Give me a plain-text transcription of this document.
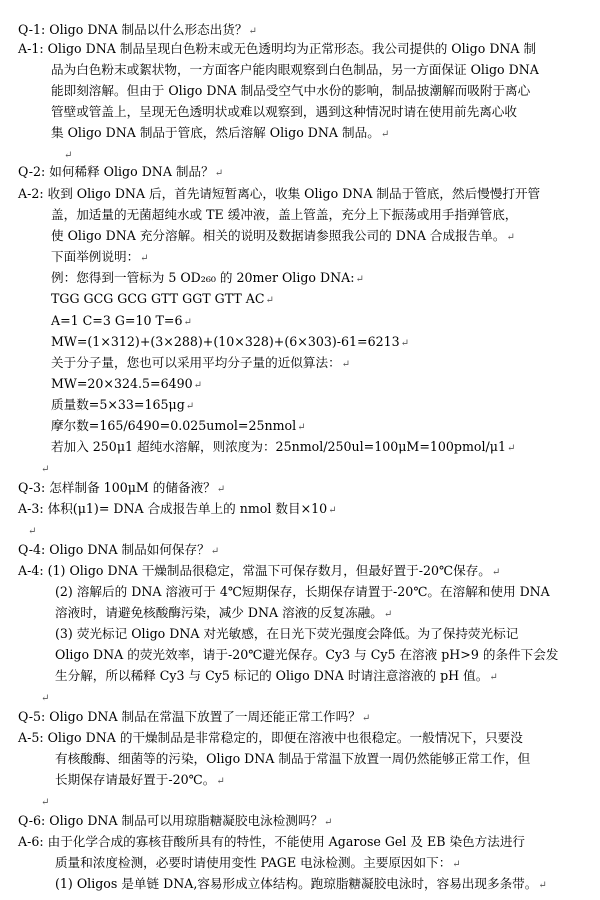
Q-1: Oligo DNA 制品以什么形态出货？↵
A-1: Oligo DNA 制品呈现白色粉末或无色透明均为正常形态。我公司提供的 Oligo DNA 制
品为白色粉末或絮状物，一方面客户能肉眼观察到白色制品，另一方面保证 Oligo DNA
能即刻溶解。但由于 Oligo DNA 制品受空气中水份的影响，制品披潮解而吸附于离心
管壁或管盖上，呈现无色透明状或难以观察到，遇到这种情况时请在使用前先离心收
集 Oligo DNA 制品于管底，然后溶解 Oligo DNA 制品。↵
↵
Q-2: 如何稀释 Oligo DNA 制品？↵
A-2: 收到 Oligo DNA 后，首先请短暂离心，收集 Oligo DNA 制品于管底，然后慢慢打开管
盖，加适量的无菌超纯水或 TE 缓冲液，盖上管盖，充分上下振荡或用手指弹管底，
使 Oligo DNA 充分溶解。相关的说明及数据请参照我公司的 DNA 合成报告单。↵
下面举例说明：↵
例：您得到一管标为 5 OD₂₆₀ 的 20mer Oligo DNA:↵
TGG GCG GCG GTT GGT GTT AC↵
A=1 C=3 G=10 T=6↵
MW=(1×312)+(3×288)+(10×328)+(6×303)-61=6213↵
关于分子量，您也可以采用平均分子量的近似算法：↵
MW=20×324.5=6490↵
质量数=5×33=165μg↵
摩尔数=165/6490=0.025umol=25nmol↵
若加入 250μ1 超纯水溶解，则浓度为：25nmol/250ul=100μM=100pmol/μ1↵
↵
Q-3: 怎样制备 100μM 的储备液？↵
A-3: 体积(μ1)= DNA 合成报告单上的 nmol 数目×10↵
↵
Q-4: Oligo DNA 制品如何保存？↵
A-4: (1) Oligo DNA 干燥制品很稳定，常温下可保存数月，但最好置于-20℃保存。↵
(2) 溶解后的 DNA 溶液可于 4℃短期保存，长期保存请置于-20℃。在溶解和使用 DNA
溶液时，请避免核酸酶污染，减少 DNA 溶液的反复冻融。↵
(3) 荧光标记 Oligo DNA 对光敏感，在日光下荧光强度会降低。为了保持荧光标记
Oligo DNA 的荧光效率，请于-20℃避光保存。Cy3 与 Cy5 在溶液 pH>9 的条件下会发
生分解，所以稀释 Cy3 与 Cy5 标记的 Oligo DNA 时请注意溶液的 pH 值。↵
↵
Q-5: Oligo DNA 制品在常温下放置了一周还能正常工作吗？↵
A-5: Oligo DNA 的干燥制品是非常稳定的，即便在溶液中也很稳定。一般情况下，只要没
有核酸酶、细菌等的污染，Oligo DNA 制品于常温下放置一周仍然能够正常工作，但
长期保存请最好置于-20℃。↵
↵
Q-6: Oligo DNA 制品可以用琼脂糖凝胶电泳检测吗？↵
A-6: 由于化学合成的寡核苷酸所具有的特性，不能使用 Agarose Gel 及 EB 染色方法进行
质量和浓度检测，必要时请使用变性 PAGE 电泳检测。主要原因如下：↵
(1) Oligos 是单链 DNA,容易形成立体结构。跑琼脂糖凝胶电泳时，容易出现多条带。↵
